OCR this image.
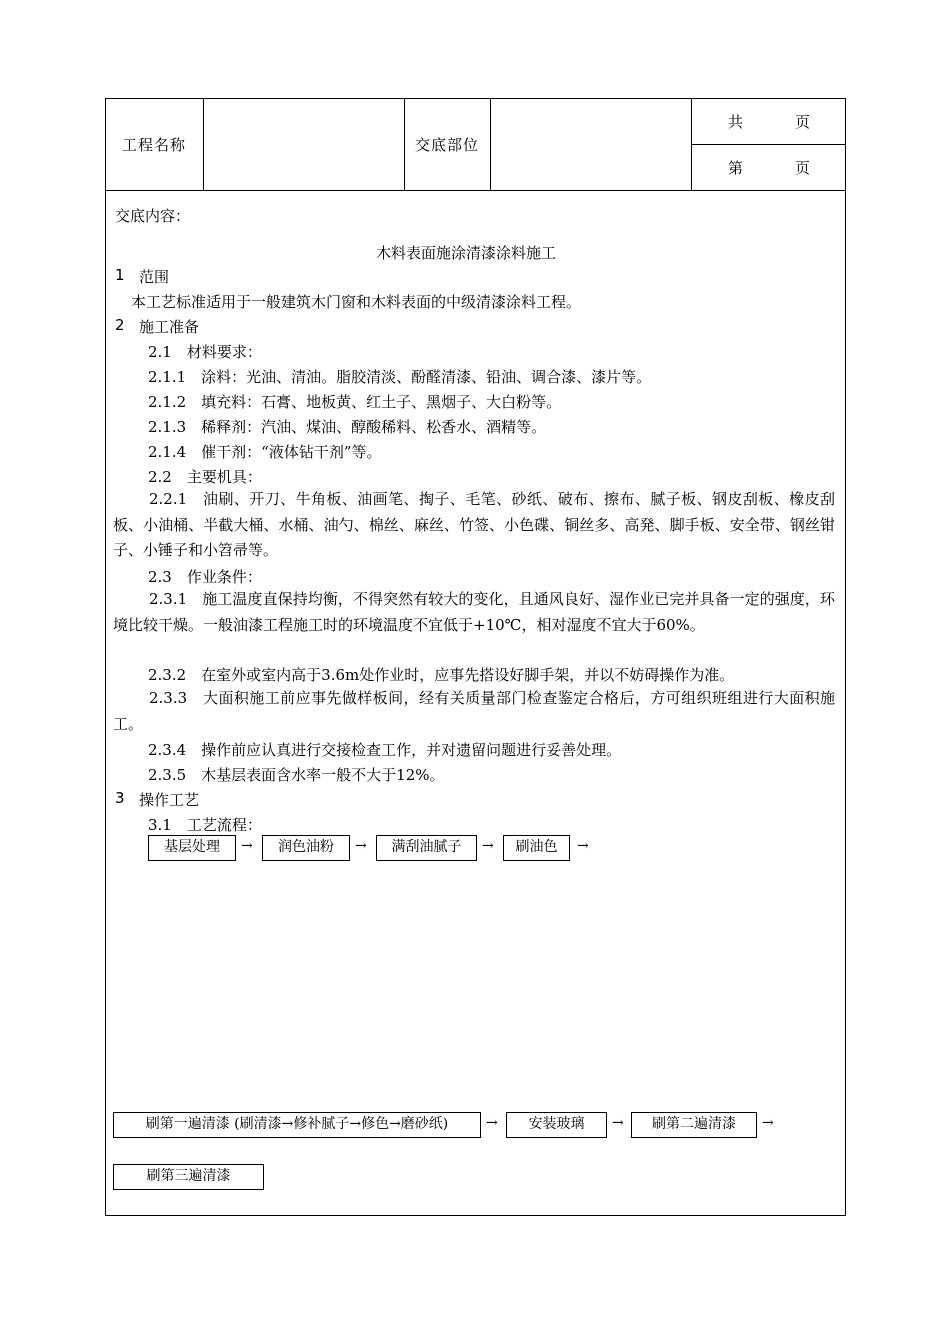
工程名称	交底部位
共	页
第	页
交底内容：
木料表面施涂清漆涂料施工
1 范围
本工艺标准适用于一般建筑木门窗和木料表面的中级清漆涂料工程。
2 施工准备
2.1　材料要求：
2.1.1　涂料：光油、清油。脂胶清淡、酚醛清漆、铅油、调合漆、漆片等。
2.1.2　填充料：石膏、地板黄、红土子、黑烟子、大白粉等。
2.1.3　稀释剂：汽油、煤油、醇酸稀料、松香水、酒精等。
2.1.4　催干剂：“液体钻干剂”等。
2.2　主要机具：
2.2.1　油刷、开刀、牛角板、油画笔、掏子、毛笔、砂纸、破布、擦布、腻子板、钢皮刮板、橡皮刮板、小油桶、半截大桶、水桶、油勺、棉丝、麻丝、竹签、小色碟、铜丝多、高発、脚手板、安全带、钢丝钳子、小锤子和小笤帚等。
2.3　作业条件：
2.3.1　施工温度直保持均衡，不得突然有较大的变化，且通风良好、湿作业已完并具备一定的强度，环境比较干燥。一般油漆工程施工时的环境温度不宜低于+10℃，相对湿度不宜大于60%。
2.3.2　在室外或室内高于3.6m处作业时，应事先搭设好脚手架，并以不妨碍操作为准。
2.3.3　大面积施工前应事先做样板间，经有关质量部门检查鉴定合格后，方可组织班组进行大面积施工。
2.3.4　操作前应认真进行交接检查工作，并对遗留问题进行妥善处理。
2.3.5　木基层表面含水率一般不大于12%。
3 操作工艺
3.1　工艺流程：
基层处理	→	润色油粉	→	满刮油腻子	→	刷油色	→
刷第一遍清漆 (刷清漆→修补腻子→修色→磨砂纸)	→	安装玻璃	→	刷第二遍清漆	→
刷第三遍清漆
